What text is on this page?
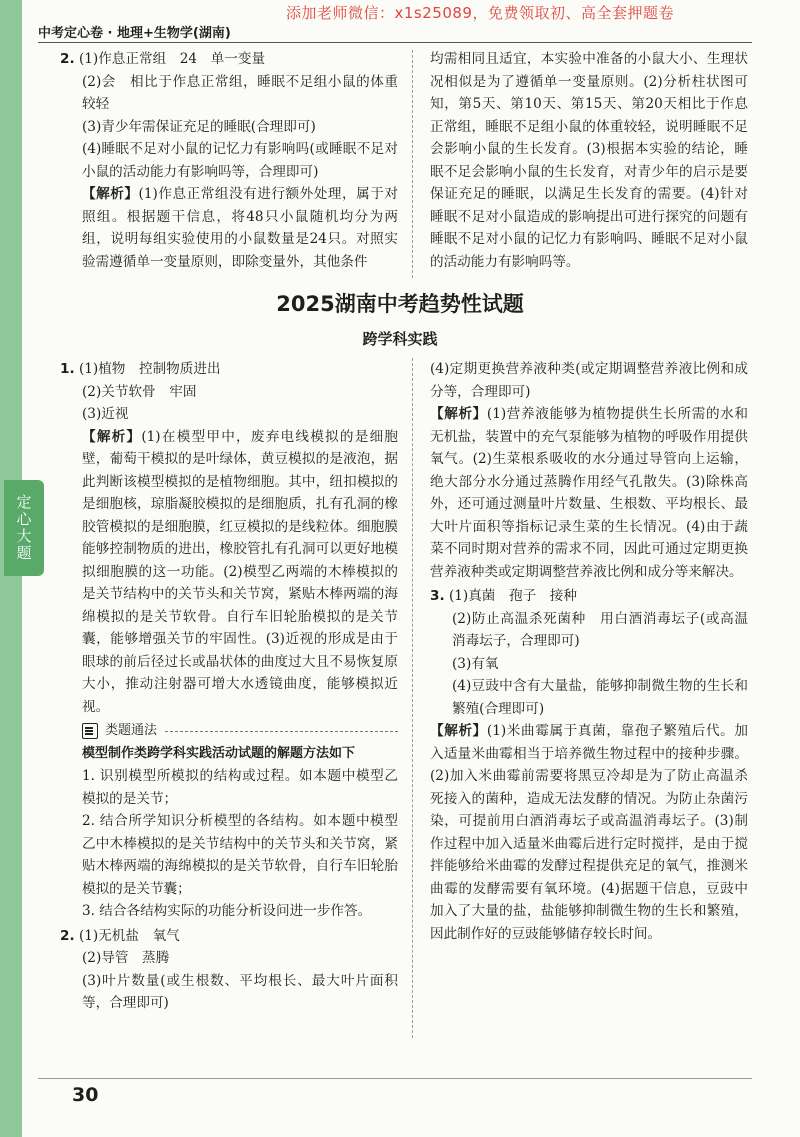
定心大题
添加老师微信：x1s25089，免费领取初、高全套押题卷
中考定心卷 · 地理+生物学(湖南)

2. (1)作息正常组　24　单一变量

(2)会　相比于作息正常组，睡眠不足组小鼠的体重较轻

(3)青少年需保证充足的睡眠(合理即可)

(4)睡眠不足对小鼠的记忆力有影响吗(或睡眠不足对小鼠的活动能力有影响吗等，合理即可)

【解析】(1)作息正常组没有进行额外处理，属于对照组。根据题干信息，将48只小鼠随机均分为两组，说明每组实验使用的小鼠数量是24只。对照实验需遵循单一变量原则，即除变量外，其他条件

均需相同且适宜，本实验中准备的小鼠大小、生理状况相似是为了遵循单一变量原则。(2)分析柱状图可知，第5天、第10天、第15天、第20天相比于作息正常组，睡眠不足组小鼠的体重较轻，说明睡眠不足会影响小鼠的生长发育。(3)根据本实验的结论，睡眠不足会影响小鼠的生长发育，对青少年的启示是要保证充足的睡眠，以满足生长发育的需要。(4)针对睡眠不足对小鼠造成的影响提出可进行探究的问题有睡眠不足对小鼠的记忆力有影响吗、睡眠不足对小鼠的活动能力有影响吗等。

2025湖南中考趋势性试题
跨学科实践

1. (1)植物　控制物质进出

(2)关节软骨　牢固

(3)近视

【解析】(1)在模型甲中，废弃电线模拟的是细胞壁，葡萄干模拟的是叶绿体，黄豆模拟的是液泡，据此判断该模型模拟的是植物细胞。其中，纽扣模拟的是细胞核，琼脂凝胶模拟的是细胞质，扎有孔洞的橡胶管模拟的是细胞膜，红豆模拟的是线粒体。细胞膜能够控制物质的进出，橡胶管扎有孔洞可以更好地模拟细胞膜的这一功能。(2)模型乙两端的木棒模拟的是关节结构中的关节头和关节窝，紧贴木棒两端的海绵模拟的是关节软骨。自行车旧轮胎模拟的是关节囊，能够增强关节的牢固性。(3)近视的形成是由于眼球的前后径过长或晶状体的曲度过大且不易恢复原大小，推动注射器可增大水透镜曲度，能够模拟近视。

类题通法

模型制作类跨学科实践活动试题的解题方法如下

1. 识别模型所模拟的结构或过程。如本题中模型乙模拟的是关节；

2. 结合所学知识分析模型的各结构。如本题中模型乙中木棒模拟的是关节结构中的关节头和关节窝，紧贴木棒两端的海绵模拟的是关节软骨，自行车旧轮胎模拟的是关节囊；

3. 结合各结构实际的功能分析设问进一步作答。

2. (1)无机盐　氧气

(2)导管　蒸腾

(3)叶片数量(或生根数、平均根长、最大叶片面积等，合理即可)

(4)定期更换营养液种类(或定期调整营养液比例和成分等，合理即可)

【解析】(1)营养液能够为植物提供生长所需的水和无机盐，装置中的充气泵能够为植物的呼吸作用提供氧气。(2)生菜根系吸收的水分通过导管向上运输，绝大部分水分通过蒸腾作用经气孔散失。(3)除株高外，还可通过测量叶片数量、生根数、平均根长、最大叶片面积等指标记录生菜的生长情况。(4)由于蔬菜不同时期对营养的需求不同，因此可通过定期更换营养液种类或定期调整营养液比例和成分等来解决。

3. (1)真菌　孢子　接种

(2)防止高温杀死菌种　用白酒消毒坛子(或高温消毒坛子，合理即可)

(3)有氧

(4)豆豉中含有大量盐，能够抑制微生物的生长和繁殖(合理即可)

【解析】(1)米曲霉属于真菌，靠孢子繁殖后代。加入适量米曲霉相当于培养微生物过程中的接种步骤。(2)加入米曲霉前需要将黑豆冷却是为了防止高温杀死接入的菌种，造成无法发酵的情况。为防止杂菌污染，可提前用白酒消毒坛子或高温消毒坛子。(3)制作过程中加入适量米曲霉后进行定时搅拌，是由于搅拌能够给米曲霉的发酵过程提供充足的氧气，推测米曲霉的发酵需要有氧环境。(4)据题干信息，豆豉中加入了大量的盐，盐能够抑制微生物的生长和繁殖，因此制作好的豆豉能够储存较长时间。

30
